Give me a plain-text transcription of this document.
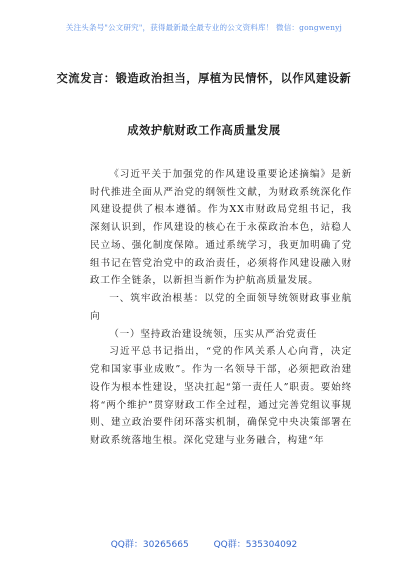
关注头条号"公文研究"，获得最新最全最专业的公文资料库！ 微信：gongwenyj
交流发言：锻造政治担当，厚植为民情怀，以作风建设新
成效护航财政工作高质量发展

《习近平关于加强党的作风建设重要论述摘编》是新时代推进全面从严治党的纲领性文献，为财政系统深化作风建设提供了根本遵循。作为XX市财政局党组书记，我深刻认识到，作风建设的核心在于永葆政治本色，站稳人民立场、强化制度保障。通过系统学习，我更加明确了党组书记在管党治党中的政治责任，必须将作风建设融入财政工作全链条，以新担当新作为护航高质量发展。

一、筑牢政治根基：以党的全面领导统领财政事业航向

（一）坚持政治建设统领，压实从严治党责任

习近平总书记指出，“党的作风关系人心向背，决定党和国家事业成败”。作为一名领导干部，必须把政治建设作为根本性建设，坚决扛起“第一责任人”职责。要始终将“两个维护”贯穿财政工作全过程，通过完善党组议事规则、建立政治要件闭环落实机制，确保党中央决策部署在财政系统落地生根。深化党建与业务融合，构建“年

QQ群：30265665	QQ群：535304092
